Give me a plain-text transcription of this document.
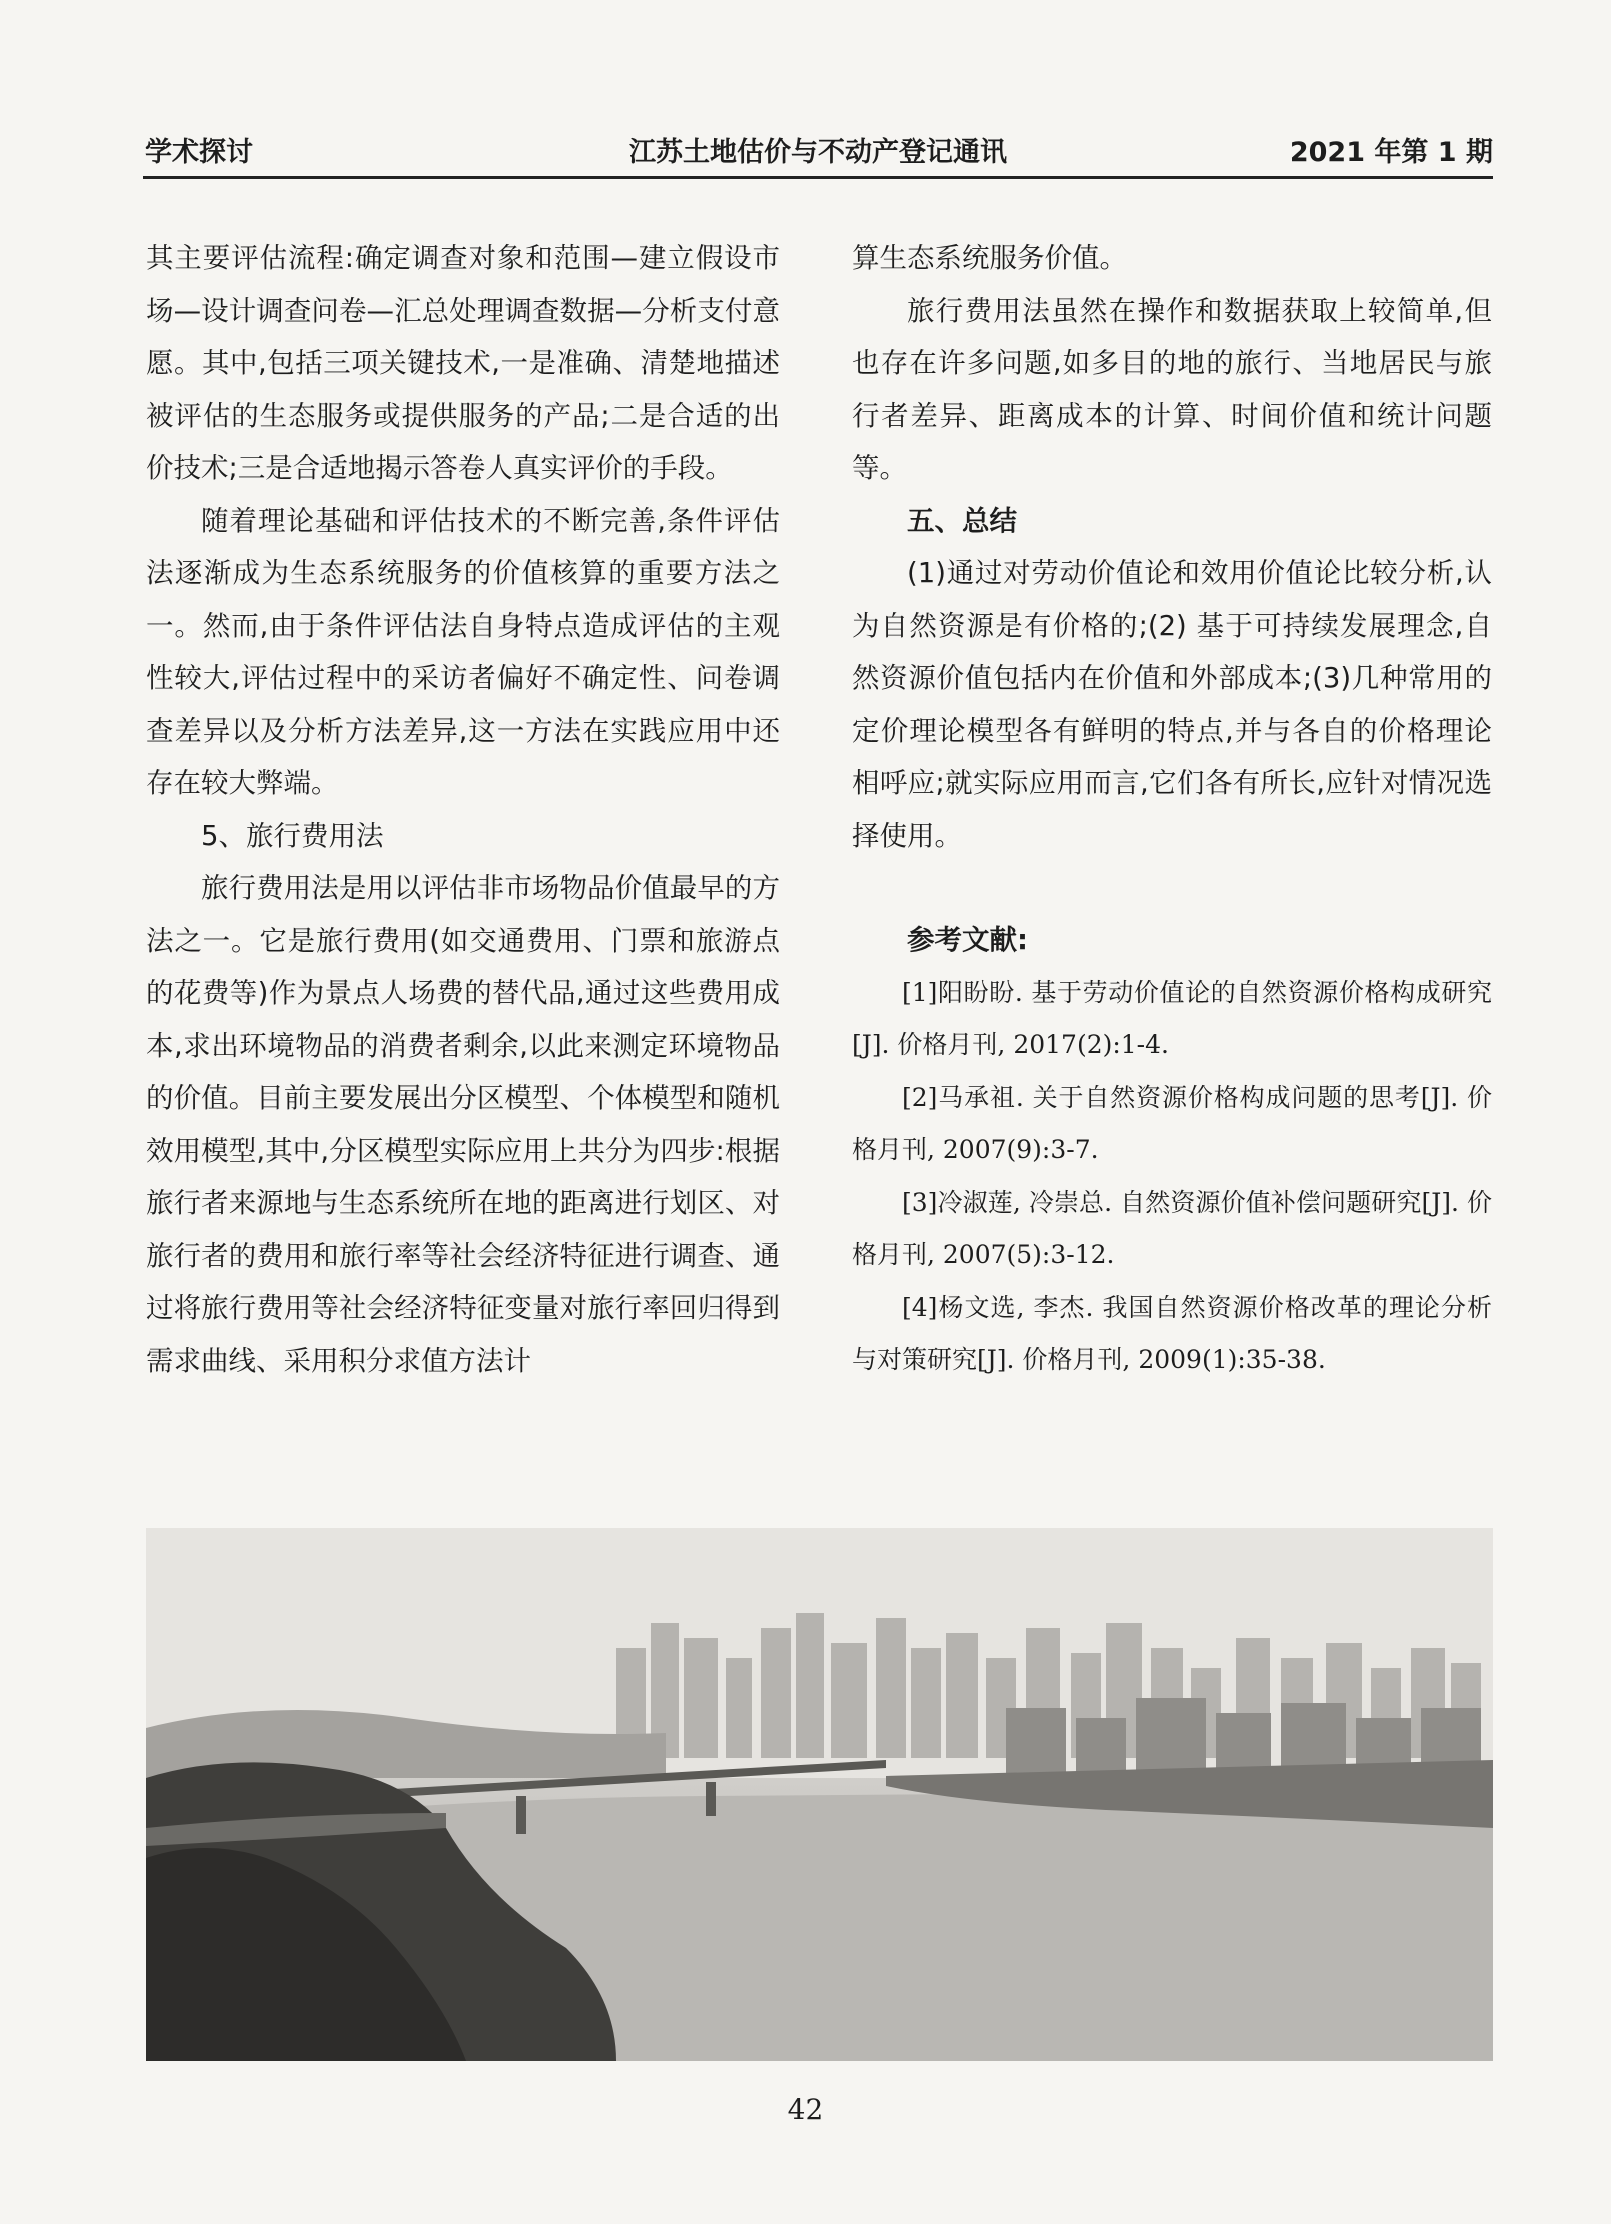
学术探讨	江苏土地估价与不动产登记通讯	2021 年第 1 期

其主要评估流程:确定调查对象和范围—建立假设市场—设计调查问卷—汇总处理调查数据—分析支付意愿。其中,包括三项关键技术,一是准确、清楚地描述被评估的生态服务或提供服务的产品;二是合适的出价技术;三是合适地揭示答卷人真实评价的手段。

随着理论基础和评估技术的不断完善,条件评估法逐渐成为生态系统服务的价值核算的重要方法之一。然而,由于条件评估法自身特点造成评估的主观性较大,评估过程中的采访者偏好不确定性、问卷调查差异以及分析方法差异,这一方法在实践应用中还存在较大弊端。

5、旅行费用法

旅行费用法是用以评估非市场物品价值最早的方法之一。它是旅行费用(如交通费用、门票和旅游点的花费等)作为景点人场费的替代品,通过这些费用成本,求出环境物品的消费者剩余,以此来测定环境物品的价值。目前主要发展出分区模型、个体模型和随机效用模型,其中,分区模型实际应用上共分为四步:根据旅行者来源地与生态系统所在地的距离进行划区、对旅行者的费用和旅行率等社会经济特征进行调查、通过将旅行费用等社会经济特征变量对旅行率回归得到需求曲线、采用积分求值方法计

算生态系统服务价值。

旅行费用法虽然在操作和数据获取上较简单,但也存在许多问题,如多目的地的旅行、当地居民与旅行者差异、距离成本的计算、时间价值和统计问题等。

五、总结

(1)通过对劳动价值论和效用价值论比较分析,认为自然资源是有价格的;(2) 基于可持续发展理念,自然资源价值包括内在价值和外部成本;(3)几种常用的定价理论模型各有鲜明的特点,并与各自的价格理论相呼应;就实际应用而言,它们各有所长,应针对情况选择使用。

参考文献:

[1]阳盼盼. 基于劳动价值论的自然资源价格构成研究[J]. 价格月刊, 2017(2):1-4.

[2]马承祖. 关于自然资源价格构成问题的思考[J]. 价格月刊, 2007(9):3-7.

[3]冷淑莲, 冷崇总. 自然资源价值补偿问题研究[J]. 价格月刊, 2007(5):3-12.

[4]杨文选, 李杰. 我国自然资源价格改革的理论分析与对策研究[J]. 价格月刊, 2009(1):35-38.

42
